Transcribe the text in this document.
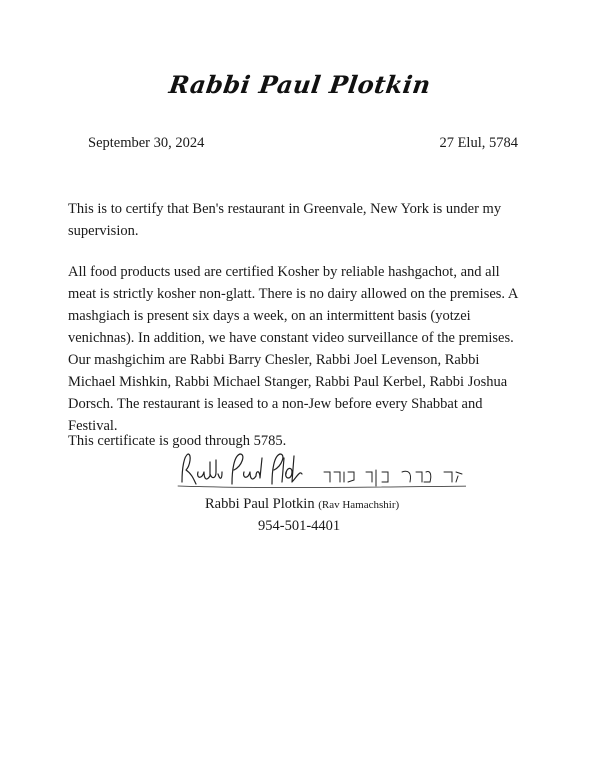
Rabbi Paul Plotkin
September 30, 2024	27 Elul, 5784

This is to certify that Ben's restaurant in Greenvale, New York is under my supervision.

All food products used are certified Kosher by reliable hashgachot, and all meat is strictly kosher non-glatt. There is no dairy allowed on the premises. A mashgiach is present six days a week, on an intermittent basis (yotzei venichnas). In addition, we have constant video surveillance of the premises. Our mashgichim are Rabbi Barry Chesler, Rabbi Joel Levenson, Rabbi Michael Mishkin, Rabbi Michael Stanger, Rabbi Paul Kerbel, Rabbi Joshua Dorsch. The restaurant is leased to a non-Jew before every Shabbat and Festival.

This certificate is good through 5785.

Rabbi Paul Plotkin (Rav Hamachshir)
954-501-4401
